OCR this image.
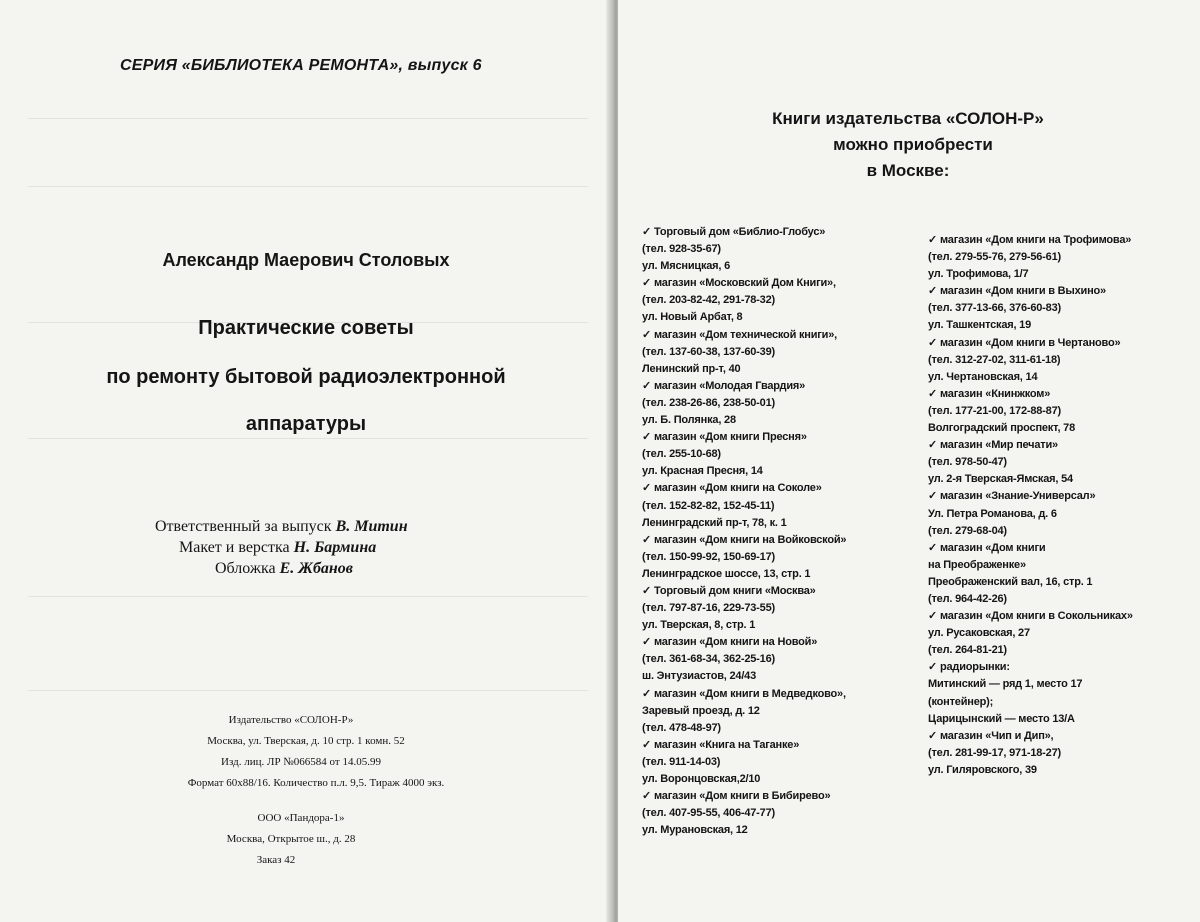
СЕРИЯ «БИБЛИОТЕКА РЕМОНТА», выпуск 6
Александр Маерович Столовых
Практические советы
по ремонту бытовой радиоэлектронной
аппаратуры
Ответственный за выпуск В. Митин
Макет и верстка Н. Бармина
Обложка Е. Жбанов
Издательство «СОЛОН-Р»
Москва, ул. Тверская, д. 10 стр. 1 комн. 52
Изд. лиц. ЛР №066584 от 14.05.99
Формат 60х88/16. Количество п.л. 9,5. Тираж 4000 экз.
ООО «Пандора-1»
Москва, Открытое ш., д. 28
Заказ 42
Книги издательства «СОЛОН-Р»
можно приобрести
в Москве:
✓ Торговый дом «Библио-Глобус»
(тел. 928-35-67)
ул. Мясницкая, 6
✓ магазин «Московский Дом Книги»,
(тел. 203-82-42, 291-78-32)
ул. Новый Арбат, 8
✓ магазин «Дом технической книги»,
(тел. 137-60-38, 137-60-39)
Ленинский пр-т, 40
✓ магазин «Молодая Гвардия»
(тел. 238-26-86, 238-50-01)
ул. Б. Полянка, 28
✓ магазин «Дом книги Пресня»
(тел. 255-10-68)
ул. Красная Пресня, 14
✓ магазин «Дом книги на Соколе»
(тел. 152-82-82, 152-45-11)
Ленинградский пр-т, 78, к. 1
✓ магазин «Дом книги на Войковской»
(тел. 150-99-92, 150-69-17)
Ленинградское шоссе, 13, стр. 1
✓ Торговый дом книги «Москва»
(тел. 797-87-16, 229-73-55)
ул. Тверская, 8, стр. 1
✓ магазин «Дом книги на Новой»
(тел. 361-68-34, 362-25-16)
ш. Энтузиастов, 24/43
✓ магазин «Дом книги в Медведково»,
Заревый проезд, д. 12
(тел. 478-48-97)
✓ магазин «Книга на Таганке»
(тел. 911-14-03)
ул. Воронцовская,2/10
✓ магазин «Дом книги в Бибирево»
(тел. 407-95-55, 406-47-77)
ул. Мурановская, 12
✓ магазин «Дом книги на Трофимова»
(тел. 279-55-76, 279-56-61)
ул. Трофимова, 1/7
✓ магазин «Дом книги в Выхино»
(тел. 377-13-66, 376-60-83)
ул. Ташкентская, 19
✓ магазин «Дом книги в Чертаново»
(тел. 312-27-02, 311-61-18)
ул. Чертановская, 14
✓ магазин «Книнжком»
(тел. 177-21-00, 172-88-87)
Волгоградский проспект, 78
✓ магазин «Мир печати»
(тел. 978-50-47)
ул. 2-я Тверская-Ямская, 54
✓ магазин «Знание-Универсал»
Ул. Петра Романова, д. 6
(тел. 279-68-04)
✓ магазин «Дом книги
на Преображенке»
Преображенский вал, 16, стр. 1
(тел. 964-42-26)
✓ магазин «Дом книги в Сокольниках»
ул. Русаковская, 27
(тел. 264-81-21)
✓ радиорынки:
Митинский — ряд 1, место 17
(контейнер);
Царицынский — место 13/А
✓ магазин «Чип и Дип»,
(тел. 281-99-17, 971-18-27)
ул. Гиляровского, 39
